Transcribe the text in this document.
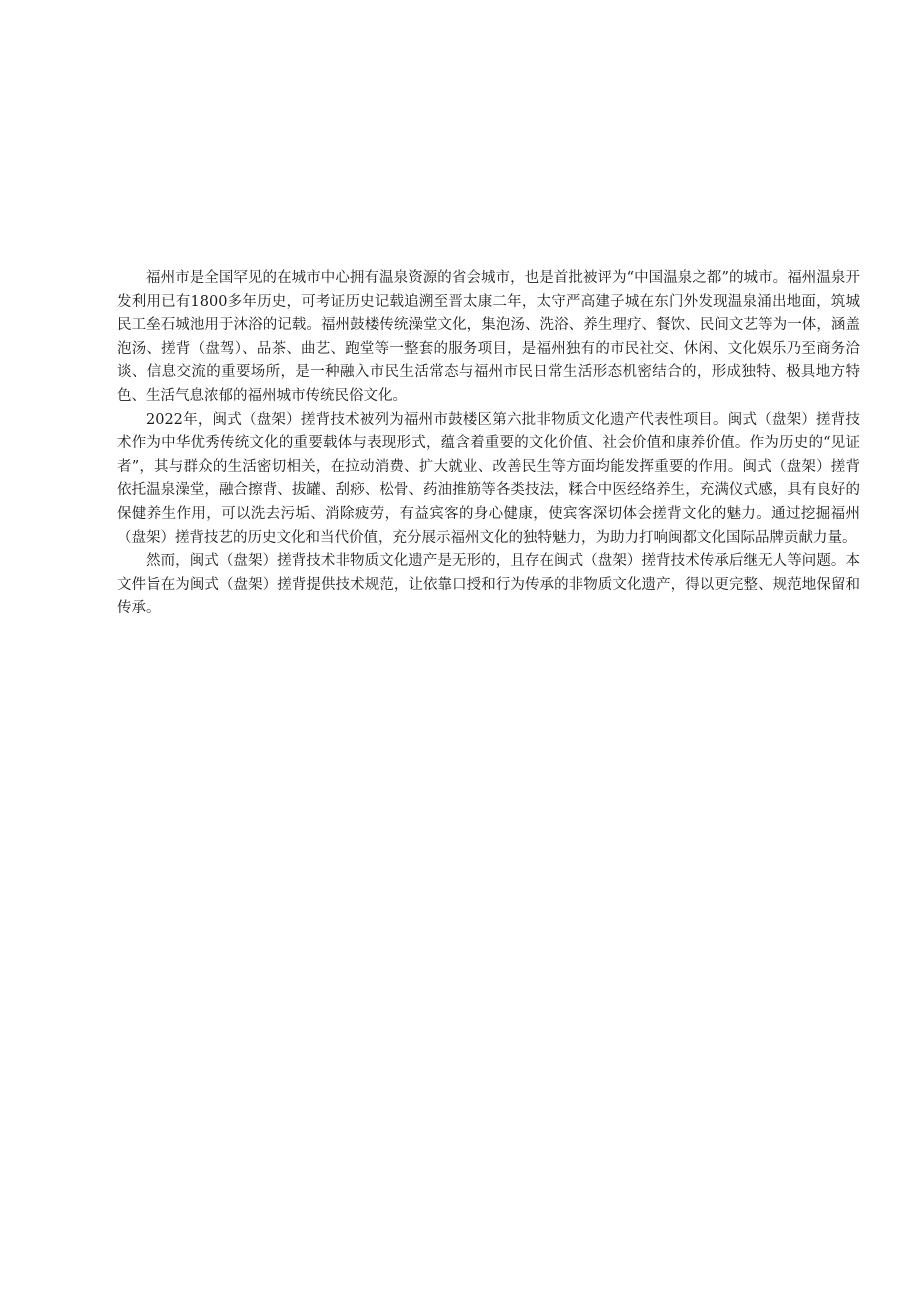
福州市是全国罕见的在城市中心拥有温泉资源的省会城市，也是首批被评为“中国温泉之都”的城市。福州温泉开发利用已有1800多年历史，可考证历史记载追溯至晋太康二年，太守严高建子城在东门外发现温泉涌出地面，筑城民工垒石城池用于沐浴的记载。福州鼓楼传统澡堂文化，集泡汤、洗浴、养生理疗、餐饮、民间文艺等为一体，涵盖泡汤、搓背（盘驾）、品茶、曲艺、跑堂等一整套的服务项目，是福州独有的市民社交、休闲、文化娱乐乃至商务洽谈、信息交流的重要场所，是一种融入市民生活常态与福州市民日常生活形态机密结合的，形成独特、极具地方特色、生活气息浓郁的福州城市传统民俗文化。

2022年，闽式（盘架）搓背技术被列为福州市鼓楼区第六批非物质文化遗产代表性项目。闽式（盘架）搓背技术作为中华优秀传统文化的重要载体与表现形式，蕴含着重要的文化价值、社会价值和康养价值。作为历史的“见证者”，其与群众的生活密切相关，在拉动消费、扩大就业、改善民生等方面均能发挥重要的作用。闽式（盘架）搓背依托温泉澡堂，融合擦背、拔罐、刮痧、松骨、药油推筋等各类技法，糅合中医经络养生，充满仪式感，具有良好的保健养生作用，可以洗去污垢、消除疲劳，有益宾客的身心健康，使宾客深切体会搓背文化的魅力。通过挖掘福州（盘架）搓背技艺的历史文化和当代价值，充分展示福州文化的独特魅力，为助力打响闽都文化国际品牌贡献力量。

然而，闽式（盘架）搓背技术非物质文化遗产是无形的，且存在闽式（盘架）搓背技术传承后继无人等问题。本文件旨在为闽式（盘架）搓背提供技术规范，让依靠口授和行为传承的非物质文化遗产，得以更完整、规范地保留和传承。
